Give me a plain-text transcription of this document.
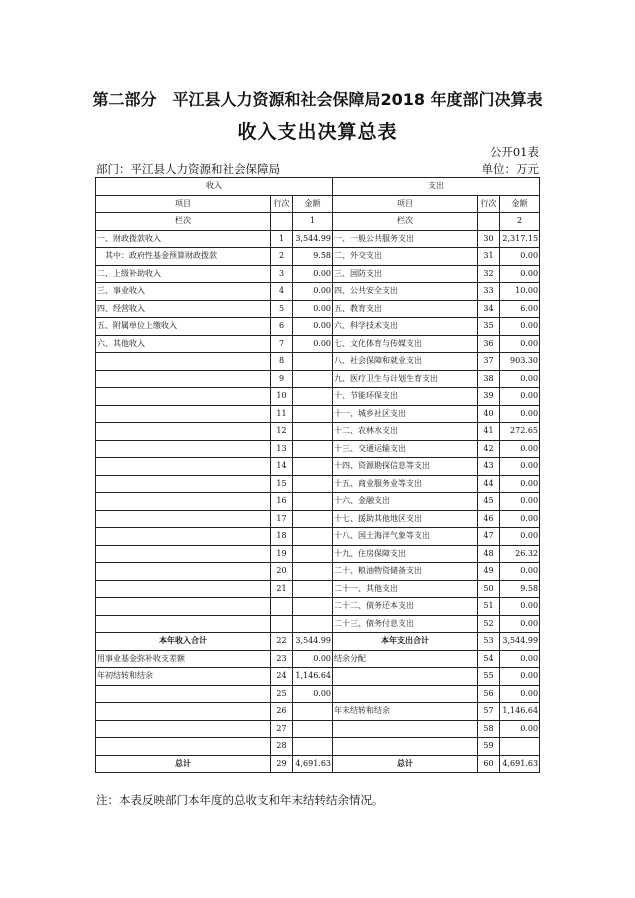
第二部分　平江县人力资源和社会保障局2018 年度部门决算表
收入支出决算总表
公开01表
部门：平江县人力资源和社会保障局	单位：万元
收入			支出		
项目	行次	金额	项目	行次	金额
栏次		1	栏次		2
一、财政拨款收入	1	3,544.99	一、一般公共服务支出	30	2,317.15
　其中：政府性基金预算财政拨款	2	9.58	二、外交支出	31	0.00
二、上级补助收入	3	0.00	三、国防支出	32	0.00
三、事业收入	4	0.00	四、公共安全支出	33	10.00
四、经营收入	5	0.00	五、教育支出	34	6.00
五、附属单位上缴收入	6	0.00	六、科学技术支出	35	0.00
六、其他收入	7	0.00	七、文化体育与传媒支出	36	0.00
	8		八、社会保障和就业支出	37	903.30
	9		九、医疗卫生与计划生育支出	38	0.00
	10		十、节能环保支出	39	0.00
	11		十一、城乡社区支出	40	0.00
	12		十二、农林水支出	41	272.65
	13		十三、交通运输支出	42	0.00
	14		十四、资源勘探信息等支出	43	0.00
	15		十五、商业服务业等支出	44	0.00
	16		十六、金融支出	45	0.00
	17		十七、援助其他地区支出	46	0.00
	18		十八、国土海洋气象等支出	47	0.00
	19		十九、住房保障支出	48	26.32
	20		二十、粮油物资储备支出	49	0.00
	21		二十一、其他支出	50	9.58
			二十二、债务还本支出	51	0.00
			二十三、债务付息支出	52	0.00
本年收入合计	22	3,544.99	本年支出合计	53	3,544.99
用事业基金弥补收支差额	23	0.00	结余分配	54	0.00
年初结转和结余	24	1,146.64		55	0.00
	25	0.00		56	0.00
	26		年末结转和结余	57	1,146.64
	27			58	0.00
	28			59	
总计	29	4,691.63	总计	60	4,691.63
注：本表反映部门本年度的总收支和年末结转结余情况。
